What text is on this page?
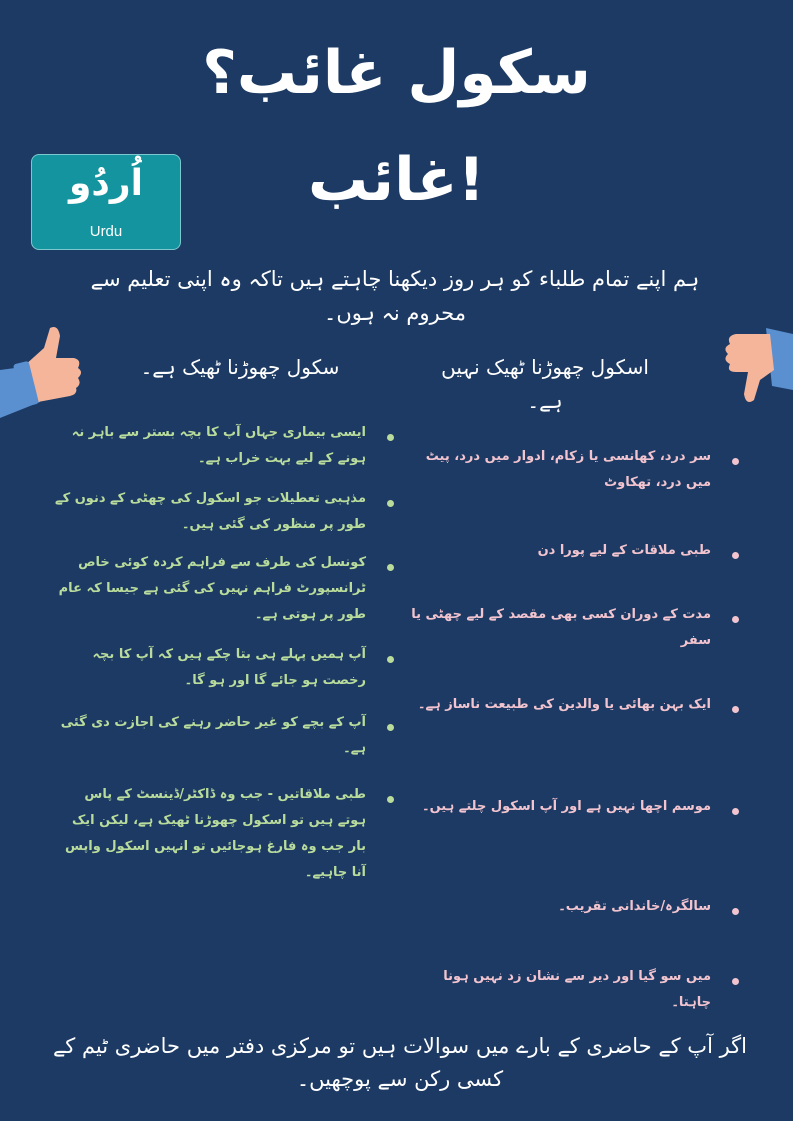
سکول غائب؟
!غائب
اُردُو
Urdu
ہم اپنے تمام طلباء کو ہر روز دیکھنا چاہتے ہیں تاکہ وہ اپنی تعلیم سے محروم نہ ہوں۔
سکول چھوڑنا ٹھیک ہے۔	اسکول چھوڑنا ٹھیک نہیں ہے۔
ایسی بیماری جہاں آپ کا بچہ بستر سے باہر نہ ہونے کے لیے بہت خراب ہے۔
مذہبی تعطیلات جو اسکول کی چھٹی کے دنوں کے طور پر منظور کی گئی ہیں۔
کونسل کی طرف سے فراہم کردہ کوئی خاص ٹرانسپورٹ فراہم نہیں کی گئی ہے جیسا کہ عام طور پر ہوتی ہے۔
آپ ہمیں پہلے ہی بتا چکے ہیں کہ آپ کا بچہ رخصت ہو جائے گا اور ہو گا۔
آپ کے بچے کو غیر حاضر رہنے کی اجازت دی گئی ہے۔
طبی ملاقاتیں - جب وہ ڈاکٹر/ڈینسٹ کے پاس ہوتے ہیں تو اسکول چھوڑنا ٹھیک ہے، لیکن ایک بار جب وہ فارغ ہوجائیں تو انہیں اسکول واپس آنا چاہیے۔
سر درد، کھانسی یا زکام، ادوار میں درد، پیٹ میں درد، تھکاوٹ
طبی ملاقات کے لیے پورا دن
مدت کے دوران کسی بھی مقصد کے لیے چھٹی یا سفر
ایک بہن بھائی یا والدین کی طبیعت ناساز ہے۔
موسم اچھا نہیں ہے اور آپ اسکول چلتے ہیں۔
سالگرہ/خاندانی تقریب۔
میں سو گیا اور دیر سے نشان زد نہیں ہونا چاہتا۔
اگر آپ کے حاضری کے بارے میں سوالات ہیں تو مرکزی دفتر میں حاضری ٹیم کے کسی رکن سے پوچھیں۔
